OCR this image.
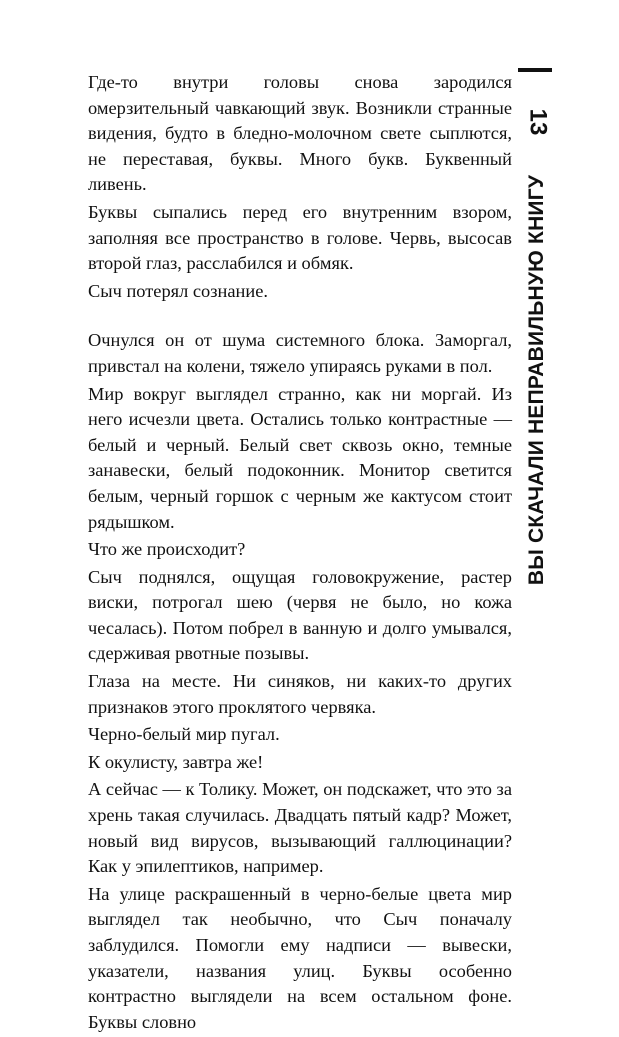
Где-то внутри головы снова зародился омерзительный чавкающий звук. Возникли странные видения, будто в бледно-молочном свете сыплются, не переставая, буквы. Много букв. Буквенный ливень.

Буквы сыпались перед его внутренним взором, заполняя все пространство в голове. Червь, высосав второй глаз, расслабился и обмяк.

Сыч потерял сознание.

Очнулся он от шума системного блока. Заморгал, привстал на колени, тяжело упираясь руками в пол.

Мир вокруг выглядел странно, как ни моргай. Из него исчезли цвета. Остались только контрастные — белый и черный. Белый свет сквозь окно, темные занавески, белый подоконник. Монитор светится белым, черный горшок с черным же кактусом стоит рядышком.

Что же происходит?

Сыч поднялся, ощущая головокружение, растер виски, потрогал шею (червя не было, но кожа чесалась). Потом побрел в ванную и долго умывался, сдерживая рвотные позывы.

Глаза на месте. Ни синяков, ни каких-то других признаков этого проклятого червяка.

Черно-белый мир пугал.

К окулисту, завтра же!

А сейчас — к Толику. Может, он подскажет, что это за хрень такая случилась. Двадцать пятый кадр? Может, новый вид вирусов, вызывающий галлюцинации? Как у эпилептиков, например.

На улице раскрашенный в черно-белые цвета мир выглядел так необычно, что Сыч поначалу заблудился. Помогли ему надписи — вывески, указатели, названия улиц. Буквы особенно контрастно выглядели на всем остальном фоне. Буквы словно

13
ВЫ СКАЧАЛИ НЕПРАВИЛЬНУЮ КНИГУ
